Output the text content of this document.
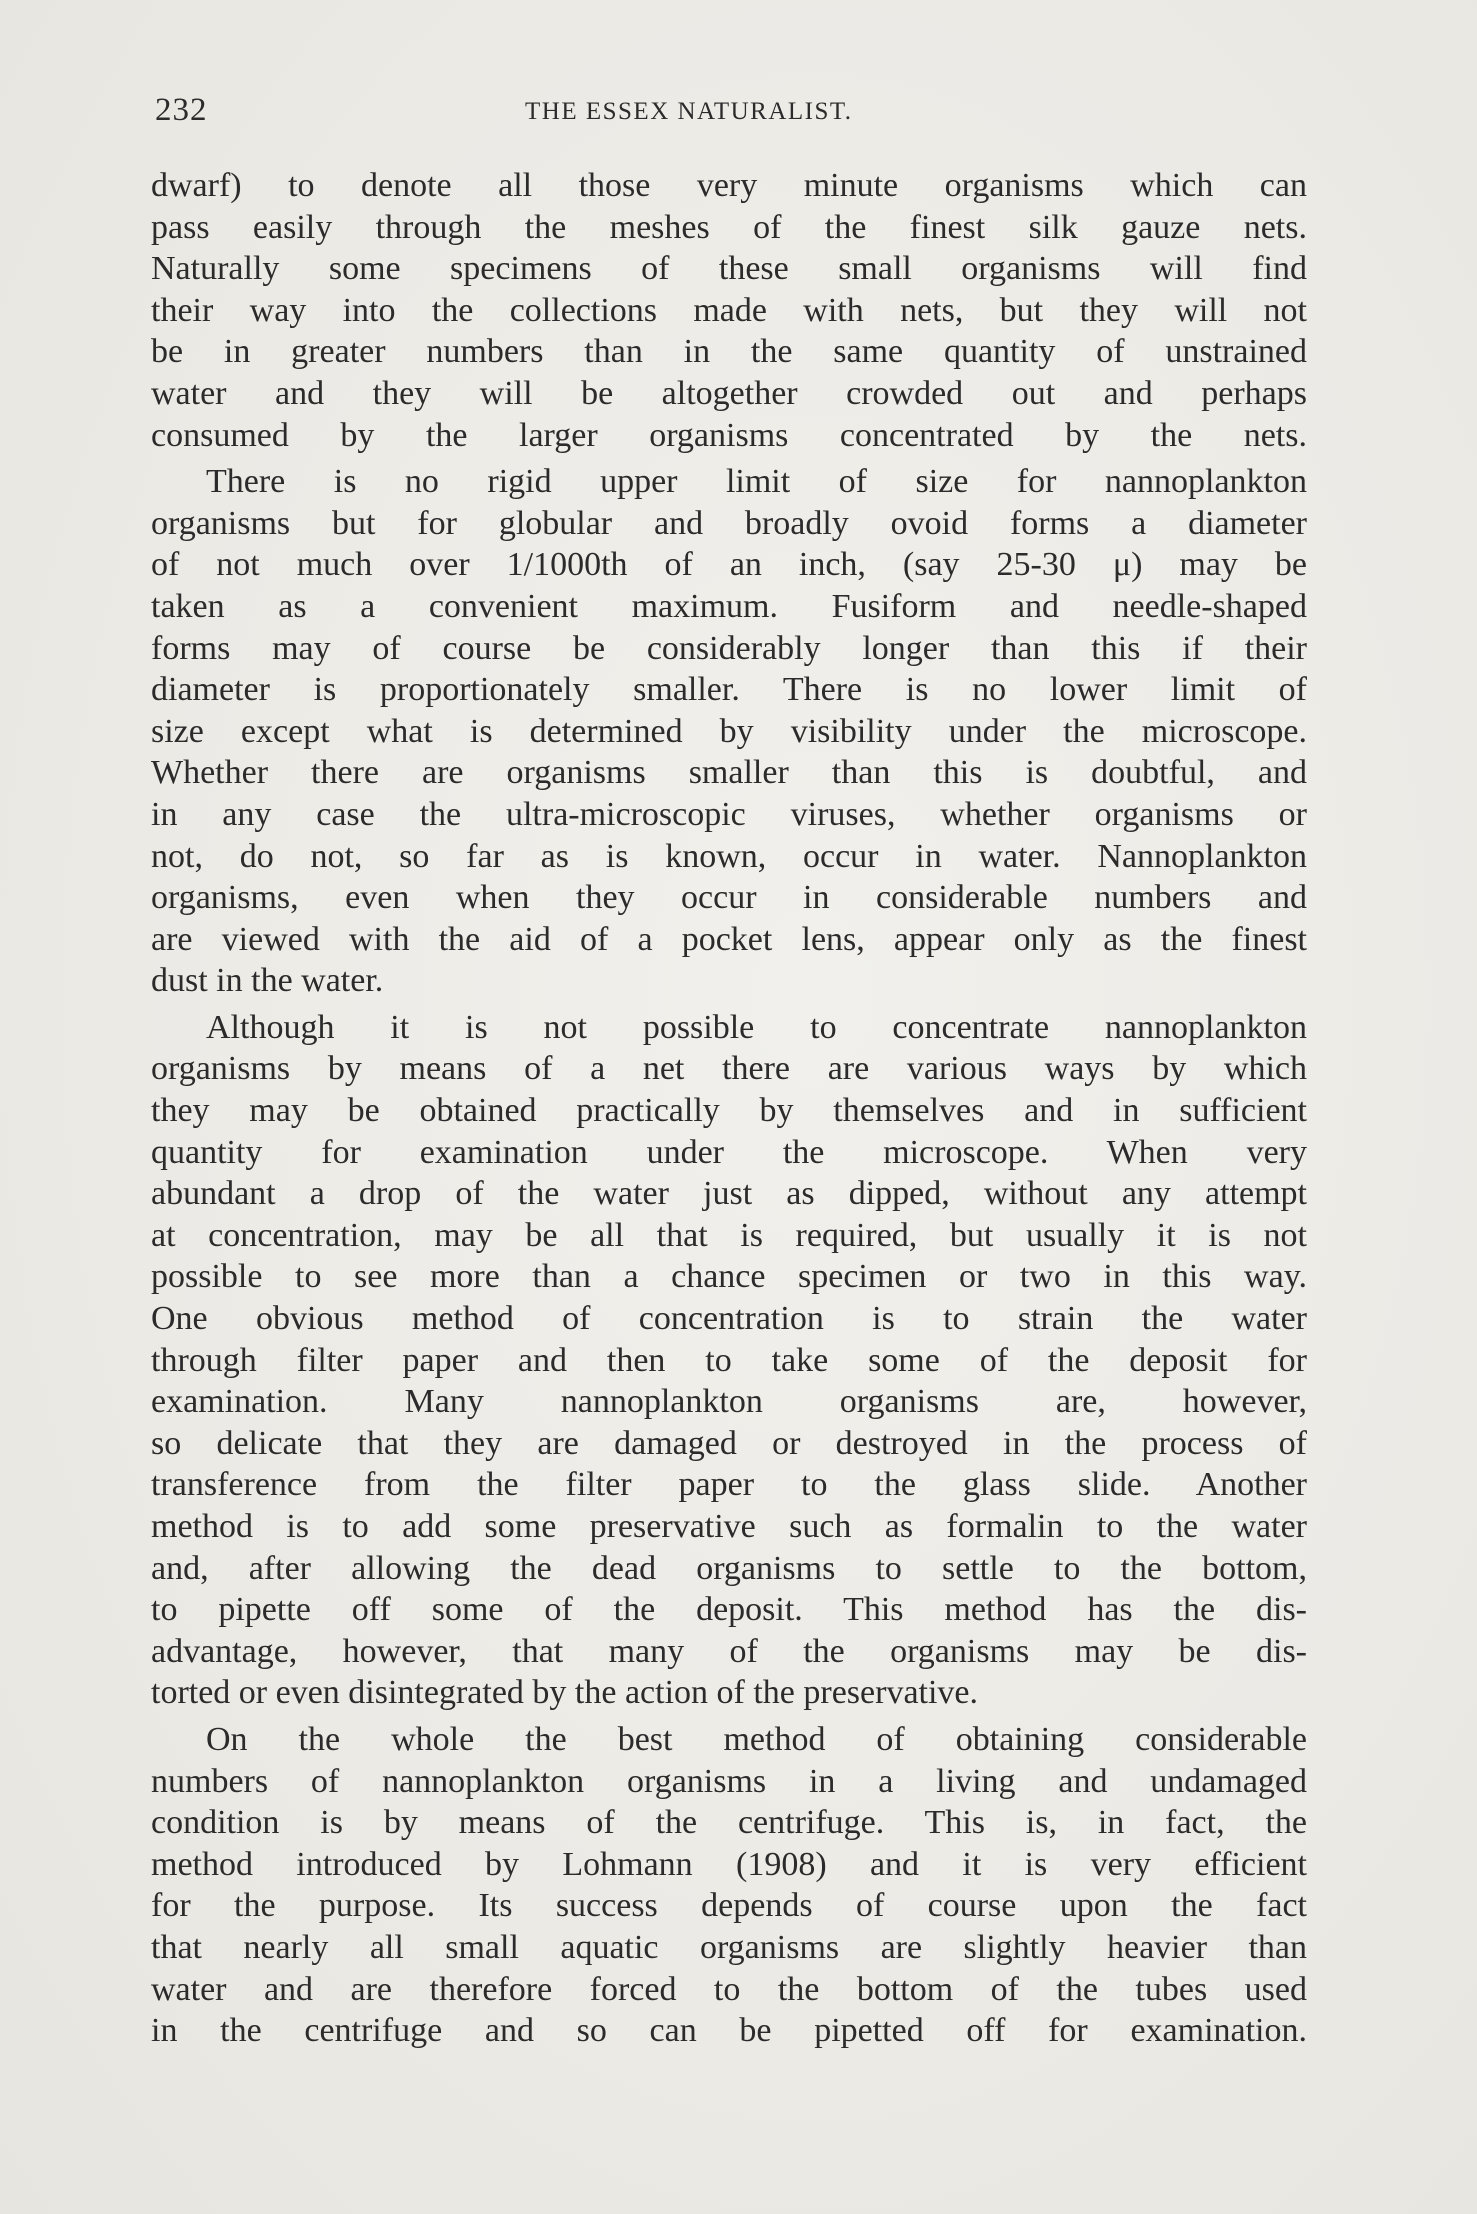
232	THE ESSEX NATURALIST.

dwarf) to denote all those very minute organisms which can
pass easily through the meshes of the finest silk gauze nets.
Naturally some specimens of these small organisms will find
their way into the collections made with nets, but they will not
be in greater numbers than in the same quantity of unstrained
water and they will be altogether crowded out and perhaps
consumed by the larger organisms concentrated by the nets.

There is no rigid upper limit of size for nannoplankton
organisms but for globular and broadly ovoid forms a diameter
of not much over 1/1000th of an inch, (say 25-30 μ) may be
taken as a convenient maximum. Fusiform and needle-shaped
forms may of course be considerably longer than this if their
diameter is proportionately smaller. There is no lower limit of
size except what is determined by visibility under the microscope.
Whether there are organisms smaller than this is doubtful, and
in any case the ultra-microscopic viruses, whether organisms or
not, do not, so far as is known, occur in water. Nannoplankton
organisms, even when they occur in considerable numbers and
are viewed with the aid of a pocket lens, appear only as the finest
dust in the water.

Although it is not possible to concentrate nannoplankton
organisms by means of a net there are various ways by which
they may be obtained practically by themselves and in sufficient
quantity for examination under the microscope. When very
abundant a drop of the water just as dipped, without any attempt
at concentration, may be all that is required, but usually it is not
possible to see more than a chance specimen or two in this way.
One obvious method of concentration is to strain the water
through filter paper and then to take some of the deposit for
examination. Many nannoplankton organisms are, however,
so delicate that they are damaged or destroyed in the process of
transference from the filter paper to the glass slide. Another
method is to add some preservative such as formalin to the water
and, after allowing the dead organisms to settle to the bottom,
to pipette off some of the deposit. This method has the dis-
advantage, however, that many of the organisms may be dis-
torted or even disintegrated by the action of the preservative.

On the whole the best method of obtaining considerable
numbers of nannoplankton organisms in a living and undamaged
condition is by means of the centrifuge. This is, in fact, the
method introduced by Lohmann (1908) and it is very efficient
for the purpose. Its success depends of course upon the fact
that nearly all small aquatic organisms are slightly heavier than
water and are therefore forced to the bottom of the tubes used
in the centrifuge and so can be pipetted off for examination.
